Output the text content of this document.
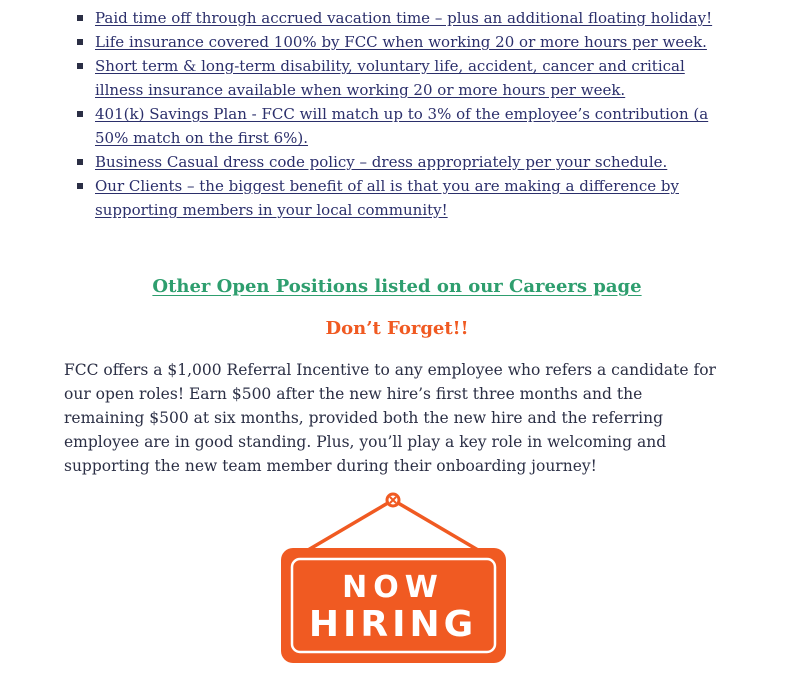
Paid time off through accrued vacation time – plus an additional floating holiday!
Life insurance covered 100% by FCC when working 20 or more hours per week.
Short term & long-term disability, voluntary life, accident, cancer and critical illness insurance available when working 20 or more hours per week.
401(k) Savings Plan - FCC will match up to 3% of the employee’s contribution (a 50% match on the first 6%).
Business Casual dress code policy – dress appropriately per your schedule.
Our Clients – the biggest benefit of all is that you are making a difference by supporting members in your local community!
Other Open Positions listed on our Careers page
Don’t Forget!!

FCC offers a $1,000 Referral Incentive to any employee who refers a candidate for our open roles! Earn $500 after the new hire’s first three months and the remaining $500 at six months, provided both the new hire and the referring employee are in good standing. Plus, you’ll play a key role in welcoming and supporting the new team member during their onboarding journey!

NOW
HIRING
